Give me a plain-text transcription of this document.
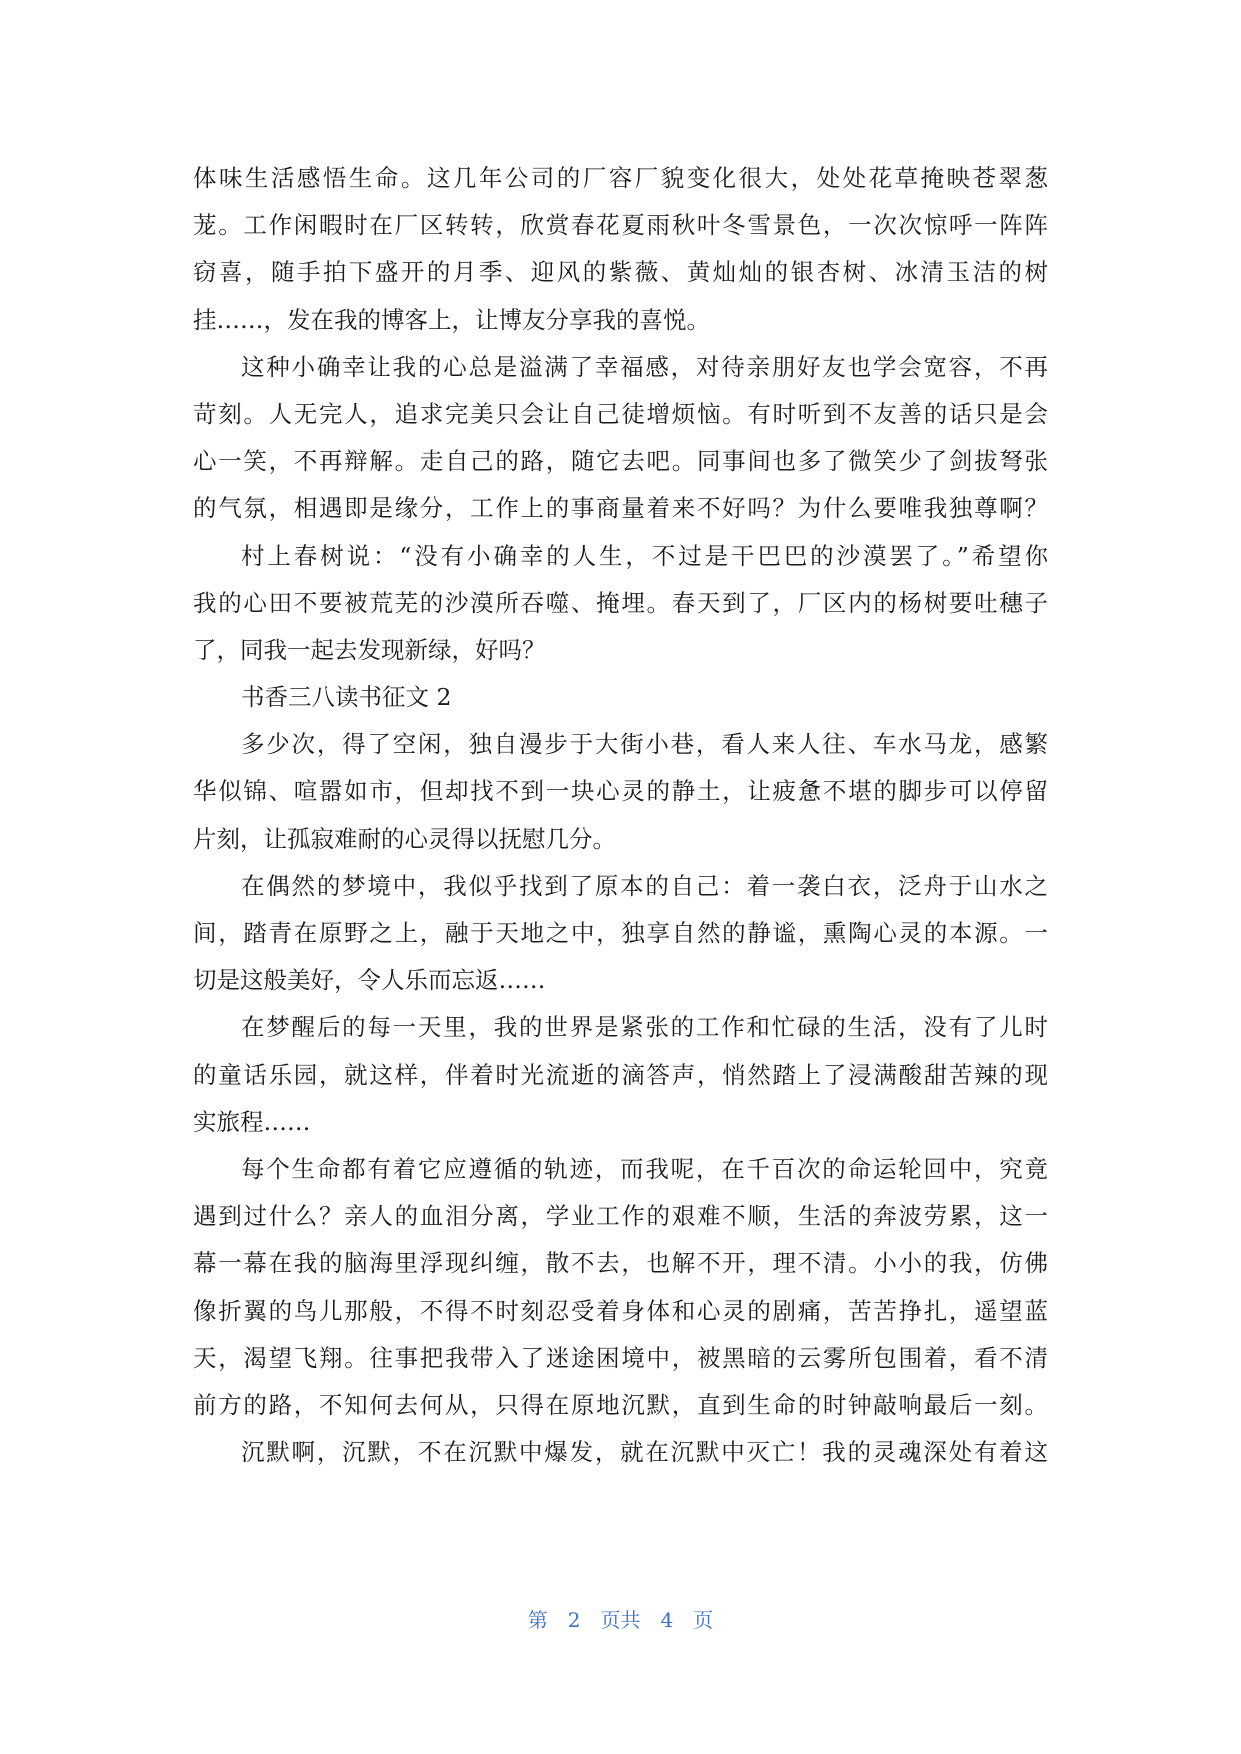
体味生活感悟生命。这几年公司的厂容厂貌变化很大，处处花草掩映苍翠葱
茏。工作闲暇时在厂区转转，欣赏春花夏雨秋叶冬雪景色，一次次惊呼一阵阵
窃喜，随手拍下盛开的月季、迎风的紫薇、黄灿灿的银杏树、冰清玉洁的树
挂……，发在我的博客上，让博友分享我的喜悦。
这种小确幸让我的心总是溢满了幸福感，对待亲朋好友也学会宽容，不再
苛刻。人无完人，追求完美只会让自己徒增烦恼。有时听到不友善的话只是会
心一笑，不再辩解。走自己的路，随它去吧。同事间也多了微笑少了剑拔弩张
的气氛，相遇即是缘分，工作上的事商量着来不好吗？为什么要唯我独尊啊？
村上春树说：“没有小确幸的人生，不过是干巴巴的沙漠罢了。”希望你
我的心田不要被荒芜的沙漠所吞噬、掩埋。春天到了，厂区内的杨树要吐穗子
了，同我一起去发现新绿，好吗？
书香三八读书征文 2
多少次，得了空闲，独自漫步于大街小巷，看人来人往、车水马龙，感繁
华似锦、喧嚣如市，但却找不到一块心灵的静土，让疲惫不堪的脚步可以停留
片刻，让孤寂难耐的心灵得以抚慰几分。
在偶然的梦境中，我似乎找到了原本的自己：着一袭白衣，泛舟于山水之
间，踏青在原野之上，融于天地之中，独享自然的静谧，熏陶心灵的本源。一
切是这般美好，令人乐而忘返……
在梦醒后的每一天里，我的世界是紧张的工作和忙碌的生活，没有了儿时
的童话乐园，就这样，伴着时光流逝的滴答声，悄然踏上了浸满酸甜苦辣的现
实旅程……
每个生命都有着它应遵循的轨迹，而我呢，在千百次的命运轮回中，究竟
遇到过什么？亲人的血泪分离，学业工作的艰难不顺，生活的奔波劳累，这一
幕一幕在我的脑海里浮现纠缠，散不去，也解不开，理不清。小小的我，仿佛
像折翼的鸟儿那般，不得不时刻忍受着身体和心灵的剧痛，苦苦挣扎，遥望蓝
天，渴望飞翔。往事把我带入了迷途困境中，被黑暗的云雾所包围着，看不清
前方的路，不知何去何从，只得在原地沉默，直到生命的时钟敲响最后一刻。
沉默啊，沉默，不在沉默中爆发，就在沉默中灭亡！我的灵魂深处有着这
第 2 页共 4 页
